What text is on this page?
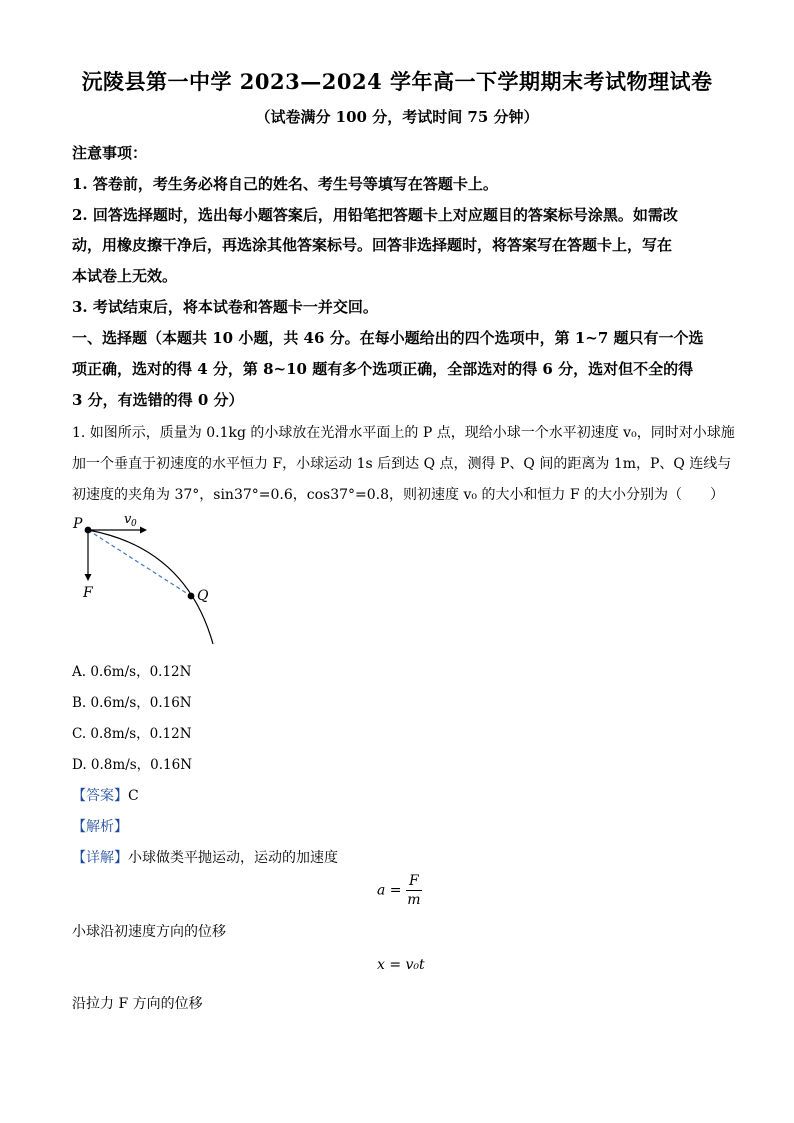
沅陵县第一中学 2023—2024 学年高一下学期期末考试物理试卷
（试卷满分 100 分，考试时间 75 分钟）
注意事项：
1. 答卷前，考生务必将自己的姓名、考生号等填写在答题卡上。
2. 回答选择题时，选出每小题答案后，用铅笔把答题卡上对应题目的答案标号涂黑。如需改
动，用橡皮擦干净后，再选涂其他答案标号。回答非选择题时，将答案写在答题卡上，写在
本试卷上无效。
3. 考试结束后，将本试卷和答题卡一并交回。
一、选择题（本题共 10 小题，共 46 分。在每小题给出的四个选项中，第 1~7 题只有一个选
项正确，选对的得 4 分，第 8~10 题有多个选项正确，全部选对的得 6 分，选对但不全的得
3 分，有选错的得 0 分）
1. 如图所示，质量为 0.1kg 的小球放在光滑水平面上的 P 点，现给小球一个水平初速度 v₀，同时对小球施
加一个垂直于初速度的水平恒力 F，小球运动 1s 后到达 Q 点，测得 P、Q 间的距离为 1m，P、Q 连线与
初速度的夹角为 37°，sin37°=0.6，cos37°=0.8，则初速度 v₀ 的大小和恒力 F 的大小分别为（　　）
P
Q
F
v 0
A. 0.6m/s，0.12N
B. 0.6m/s，0.16N
C. 0.8m/s，0.12N
D. 0.8m/s，0.16N
【答案】C
【解析】
【详解】小球做类平抛运动，运动的加速度
$a = \frac{F}{m}$
小球沿初速度方向的位移
x = v₀t
沿拉力 F 方向的位移
